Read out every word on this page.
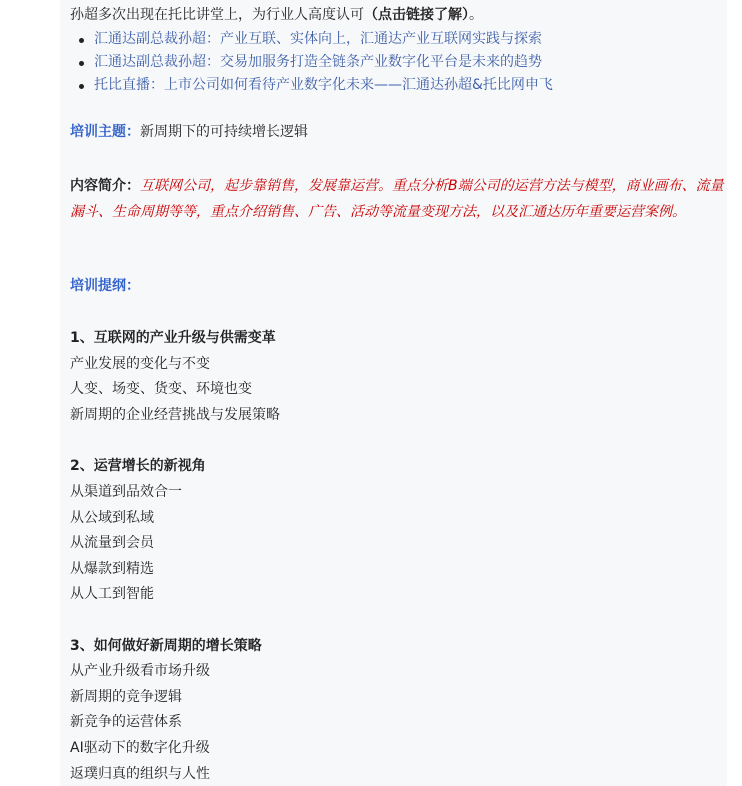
孙超多次出现在托比讲堂上，为行业人高度认可（点击链接了解）。
汇通达副总裁孙超：产业互联、实体向上，汇通达产业互联网实践与探索
汇通达副总裁孙超：交易加服务打造全链条产业数字化平台是未来的趋势
托比直播：上市公司如何看待产业数字化未来——汇通达孙超&托比网申飞
培训主题：新周期下的可持续增长逻辑
内容简介：互联网公司，起步靠销售，发展靠运营。重点分析B端公司的运营方法与模型，商业画布、流量漏斗、生命周期等等，重点介绍销售、广告、活动等流量变现方法，以及汇通达历年重要运营案例。
培训提纲：
1、互联网的产业升级与供需变革
产业发展的变化与不变
人变、场变、货变、环境也变
新周期的企业经营挑战与发展策略
2、运营增长的新视角
从渠道到品效合一
从公域到私域
从流量到会员
从爆款到精选
从人工到智能
3、如何做好新周期的增长策略
从产业升级看市场升级
新周期的竞争逻辑
新竞争的运营体系
AI驱动下的数字化升级
返璞归真的组织与人性
